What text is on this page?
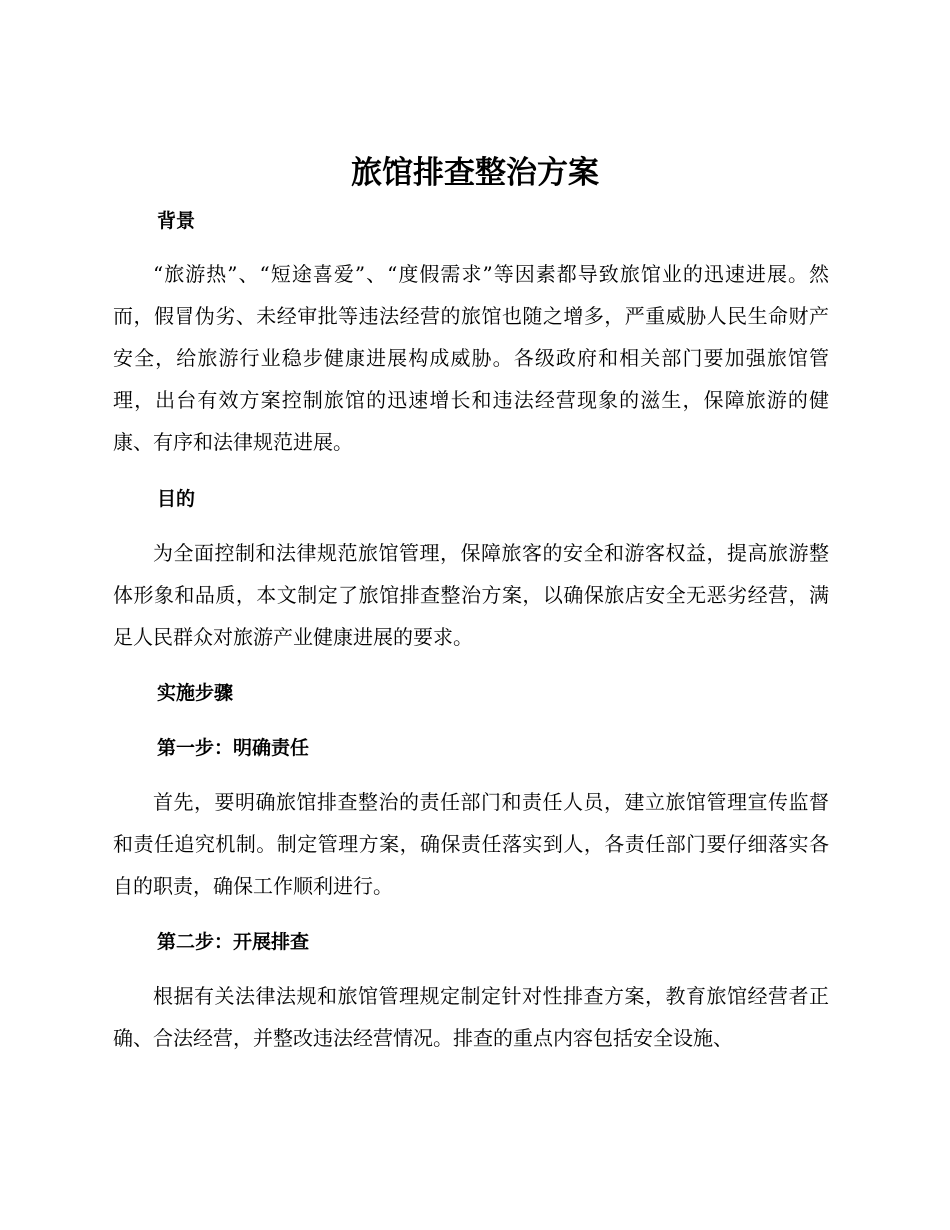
旅馆排查整治方案
背景

“旅游热”、“短途喜爱”、“度假需求”等因素都导致旅馆业的迅速进展。然而，假冒伪劣、未经审批等违法经营的旅馆也随之增多，严重威胁人民生命财产安全，给旅游行业稳步健康进展构成威胁。各级政府和相关部门要加强旅馆管理，出台有效方案控制旅馆的迅速增长和违法经营现象的滋生，保障旅游的健康、有序和法律规范进展。

目的

为全面控制和法律规范旅馆管理，保障旅客的安全和游客权益，提高旅游整体形象和品质，本文制定了旅馆排查整治方案，以确保旅店安全无恶劣经营，满足人民群众对旅游产业健康进展的要求。

实施步骤
第一步：明确责任

首先，要明确旅馆排查整治的责任部门和责任人员，建立旅馆管理宣传监督和责任追究机制。制定管理方案，确保责任落实到人，各责任部门要仔细落实各自的职责，确保工作顺利进行。

第二步：开展排查

根据有关法律法规和旅馆管理规定制定针对性排查方案，教育旅馆经营者正确、合法经营，并整改违法经营情况。排查的重点内容包括安全设施、
